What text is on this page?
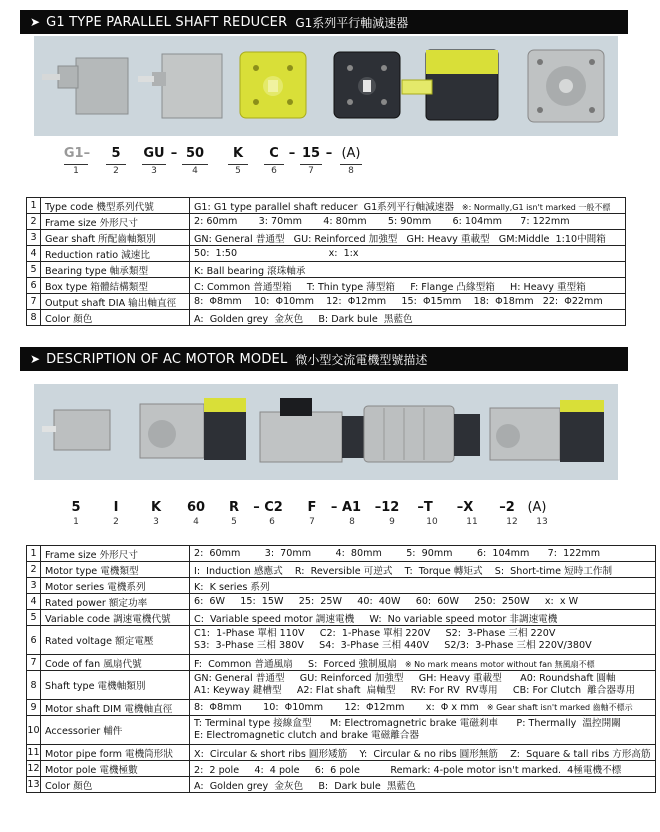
➤ G1 TYPE PARALLEL SHAFT REDUCER G1系列平行軸減速器
G1–	5	GU – 50	K	C – 15 – (A)
1	2	3	4	5	6	7	8
1	Type code 機型系列代號	G1: G1 type parallel shaft reducer  G1系列平行軸減速器 ※: Normally,G1 isn't marked 一般不標
2	Frame size 外形尺寸	2: 60mm       3: 70mm       4: 80mm       5: 90mm       6: 104mm      7: 122mm
3	Gear shaft 所配齒軸類別	GN: General 普通型   GU: Reinforced 加強型   GH: Heavy 重載型   GM:Middle  1:10中間箱
4	Reduction ratio 減速比	50:  1:50                              x:  1:x
5	Bearing type 軸承類型	K: Ball bearing 滾珠軸承
6	Box type 箱體結構類型	C: Common 普通型箱     T: Thin type 薄型箱     F: Flange 凸緣型箱     H: Heavy 重型箱
7	Output shaft DIA 输出軸直徑	8:  Φ8mm    10:  Φ10mm    12:  Φ12mm     15:  Φ15mm    18:  Φ18mm   22:  Φ22mm
8	Color 顏色	A:  Golden grey  金灰色     B: Dark bule  黑藍色
➤ DESCRIPTION OF AC MOTOR MODEL 微小型交流電機型號描述
5	I	K	60	R	– C2	F	– A1	–12	–T	–X	–2 (A)
1	2	3	4	5	6	7	8	9	10	11	12	13
1	Frame size 外形尺寸	2:  60mm        3:  70mm        4:  80mm        5:  90mm        6:  104mm      7:  122mm
2	Motor type 電機類型	I:  Induction 感應式    R:  Reversible 可逆式    T:  Torque 轉矩式    S:  Short-time 短時工作制
3	Motor series 電機系列	K:  K series 系列
4	Rated power 額定功率	6:  6W     15:  15W     25:  25W     40:  40W     60:  60W     250:  250W     x:  x W
5	Variable code 調速電機代號	C:  Variable speed motor 調速電機     W:  No variable speed motor 非調速電機
6	Rated voltage 額定電壓	C1:  1-Phase 單相 110V     C2:  1-Phase 單相 220V     S2:  3-Phase 三相 220V
S3:  3-Phase 三相 380V     S4:  3-Phase 三相 440V     S2/3:  3-Phase 三相 220V/380V
7	Code of fan 風扇代號	F:  Common 普通風扇     S:  Forced 強制風扇 ※ No mark means motor without fan 無風扇不標
8	Shaft type 電機軸類別	GN: General 普通型     GU: Reinforced 加強型     GH: Heavy 重載型      A0: Roundshaft 圓軸
A1: Keyway 鍵槽型     A2: Flat shaft  扁軸型     RV: For RV  RV專用     CB: For Clutch  離合器專用
9	Motor shaft DIM 電機軸直徑	8:  Φ8mm       10:  Φ10mm       12:  Φ12mm       x:  Φ x mm ※ Gear shaft isn't marked 齒軸不標示
10	Accessorier 輔件	T: Terminal type 接線盒型      M: Electromagnetric brake 電磁剎車      P: Thermally  溫控開關
E: Electromagnetic clutch and brake 電磁離合器
11	Motor pipe form 電機筒形狀	X:  Circular & short ribs 圓形矮筋    Y:  Circular & no ribs 圓形無筋    Z:  Square & tall ribs 方形高筋
12	Motor pole 電機極數	2:  2 pole     4:  4 pole     6:  6 pole          Remark: 4-pole motor isn't marked.  4極電機不標
13	Color 顏色	A:  Golden grey  金灰色     B:  Dark bule  黑藍色
